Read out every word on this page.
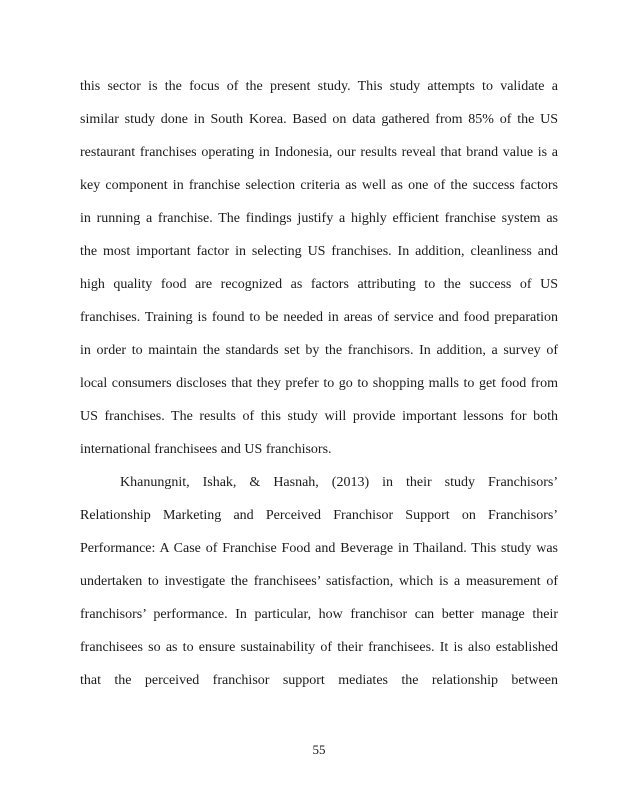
this sector is the focus of the present study. This study attempts to validate a
similar study done in South Korea. Based on data gathered from 85% of the US
restaurant franchises operating in Indonesia, our results reveal that brand value is a
key component in franchise selection criteria as well as one of the success factors
in running a franchise. The findings justify a highly efficient franchise system as
the most important factor in selecting US franchises. In addition, cleanliness and
high quality food are recognized as factors attributing to the success of US
franchises. Training is found to be needed in areas of service and food preparation
in order to maintain the standards set by the franchisors. In addition, a survey of
local consumers discloses that they prefer to go to shopping malls to get food from
US franchises. The results of this study will provide important lessons for both
international franchisees and US franchisors.
Khanungnit, Ishak, & Hasnah, (2013) in their study Franchisors’
Relationship Marketing and Perceived Franchisor Support on Franchisors’
Performance: A Case of Franchise Food and Beverage in Thailand. This study was
undertaken to investigate the franchisees’ satisfaction, which is a measurement of
franchisors’ performance. In particular, how franchisor can better manage their
franchisees so as to ensure sustainability of their franchisees. It is also established
that the perceived franchisor support mediates the relationship between
55
